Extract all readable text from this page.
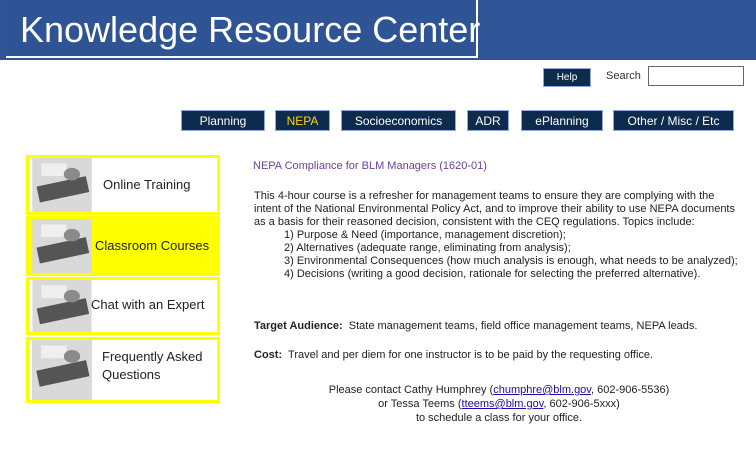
Knowledge Resource Center
Help	Search
Planning	NEPA	Socioeconomics	ADR	ePlanning	Other / Misc / Etc
Online Training
Classroom Courses
Chat with an Expert
Frequently Asked
Questions
NEPA Compliance for BLM Managers (1620-01)
This 4-hour course is a refresher for management teams to ensure they are complying with the intent of the National Environmental Policy Act, and to improve their ability to use NEPA documents as a basis for their reasoned decision, consistent with the CEQ regulations. Topics include:
1) Purpose & Need (importance, management discretion);
2) Alternatives (adequate range, eliminating from analysis);
3) Environmental Consequences (how much analysis is enough, what needs to be analyzed);
4) Decisions (writing a good decision, rationale for selecting the preferred alternative).
Target Audience: State management teams, field office management teams, NEPA leads.
Cost: Travel and per diem for one instructor is to be paid by the requesting office.
Please contact Cathy Humphrey (chumphre@blm.gov, 602-906-5536)
or Tessa Teems (tteems@blm.gov, 602-906-5xxx)
to schedule a class for your office.
